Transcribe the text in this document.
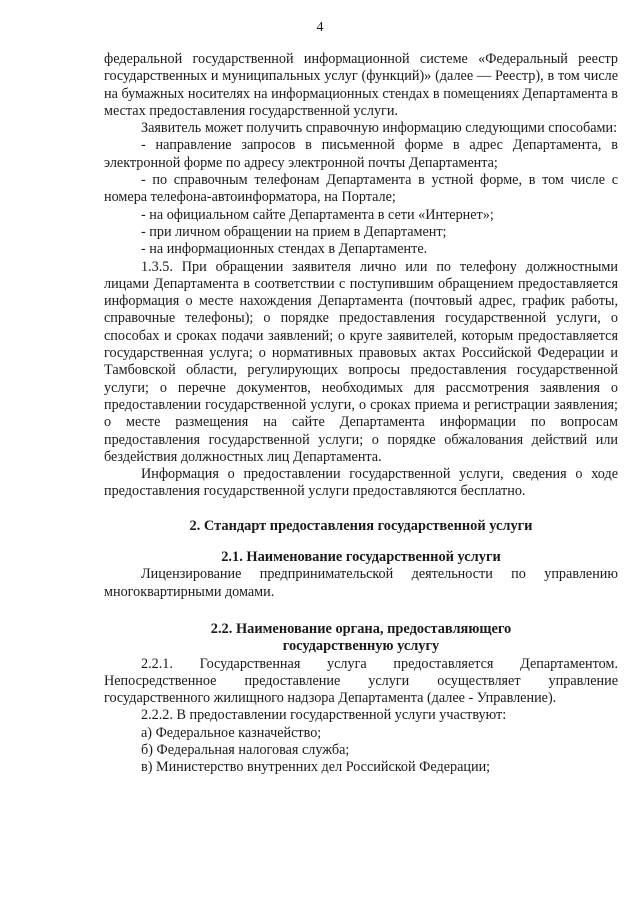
4

федеральной государственной информационной системе «Федеральный реестр государственных и муниципальных услуг (функций)» (далее — Реестр), в том числе на бумажных носителях на информационных стендах в помещениях Департамента в местах предоставления государственной услуги.

Заявитель может получить справочную информацию следующими способами:

- направление запросов в письменной форме в адрес Департамента, в электронной форме по адресу электронной почты Департамента;

- по справочным телефонам Департамента в устной форме, в том числе с номера телефона-автоинформатора, на Портале;

- на официальном сайте Департамента в сети «Интернет»;

- при личном обращении на прием в Департамент;

- на информационных стендах в Департаменте.

1.3.5. При обращении заявителя лично или по телефону должностными лицами Департамента в соответствии с поступившим обращением предоставляется информация о месте нахождения Департамента (почтовый адрес, график работы, справочные телефоны); о порядке предоставления государственной услуги, о способах и сроках подачи заявлений; о круге заявителей, которым предоставляется государственная услуга; о нормативных правовых актах Российской Федерации и Тамбовской области, регулирующих вопросы предоставления государственной услуги; о перечне документов, необходимых для рассмотрения заявления о предоставлении государственной услуги, о сроках приема и регистрации заявления; о месте размещения на сайте Департамента информации по вопросам предоставления государственной услуги; о порядке обжалования действий или бездействия должностных лиц Департамента.

Информация о предоставлении государственной услуги, сведения о ходе предоставления государственной услуги предоставляются бесплатно.

2. Стандарт предоставления государственной услуги
2.1. Наименование государственной услуги

Лицензирование предпринимательской деятельности по управлению многоквартирными домами.

2.2. Наименование органа, предоставляющего
государственную услугу

2.2.1. Государственная услуга предоставляется Департаментом. Непосредственное предоставление услуги осуществляет управление государственного жилищного надзора Департамента (далее - Управление).

2.2.2. В предоставлении государственной услуги участвуют:

а) Федеральное казначейство;

б) Федеральная налоговая служба;

в) Министерство внутренних дел Российской Федерации;
